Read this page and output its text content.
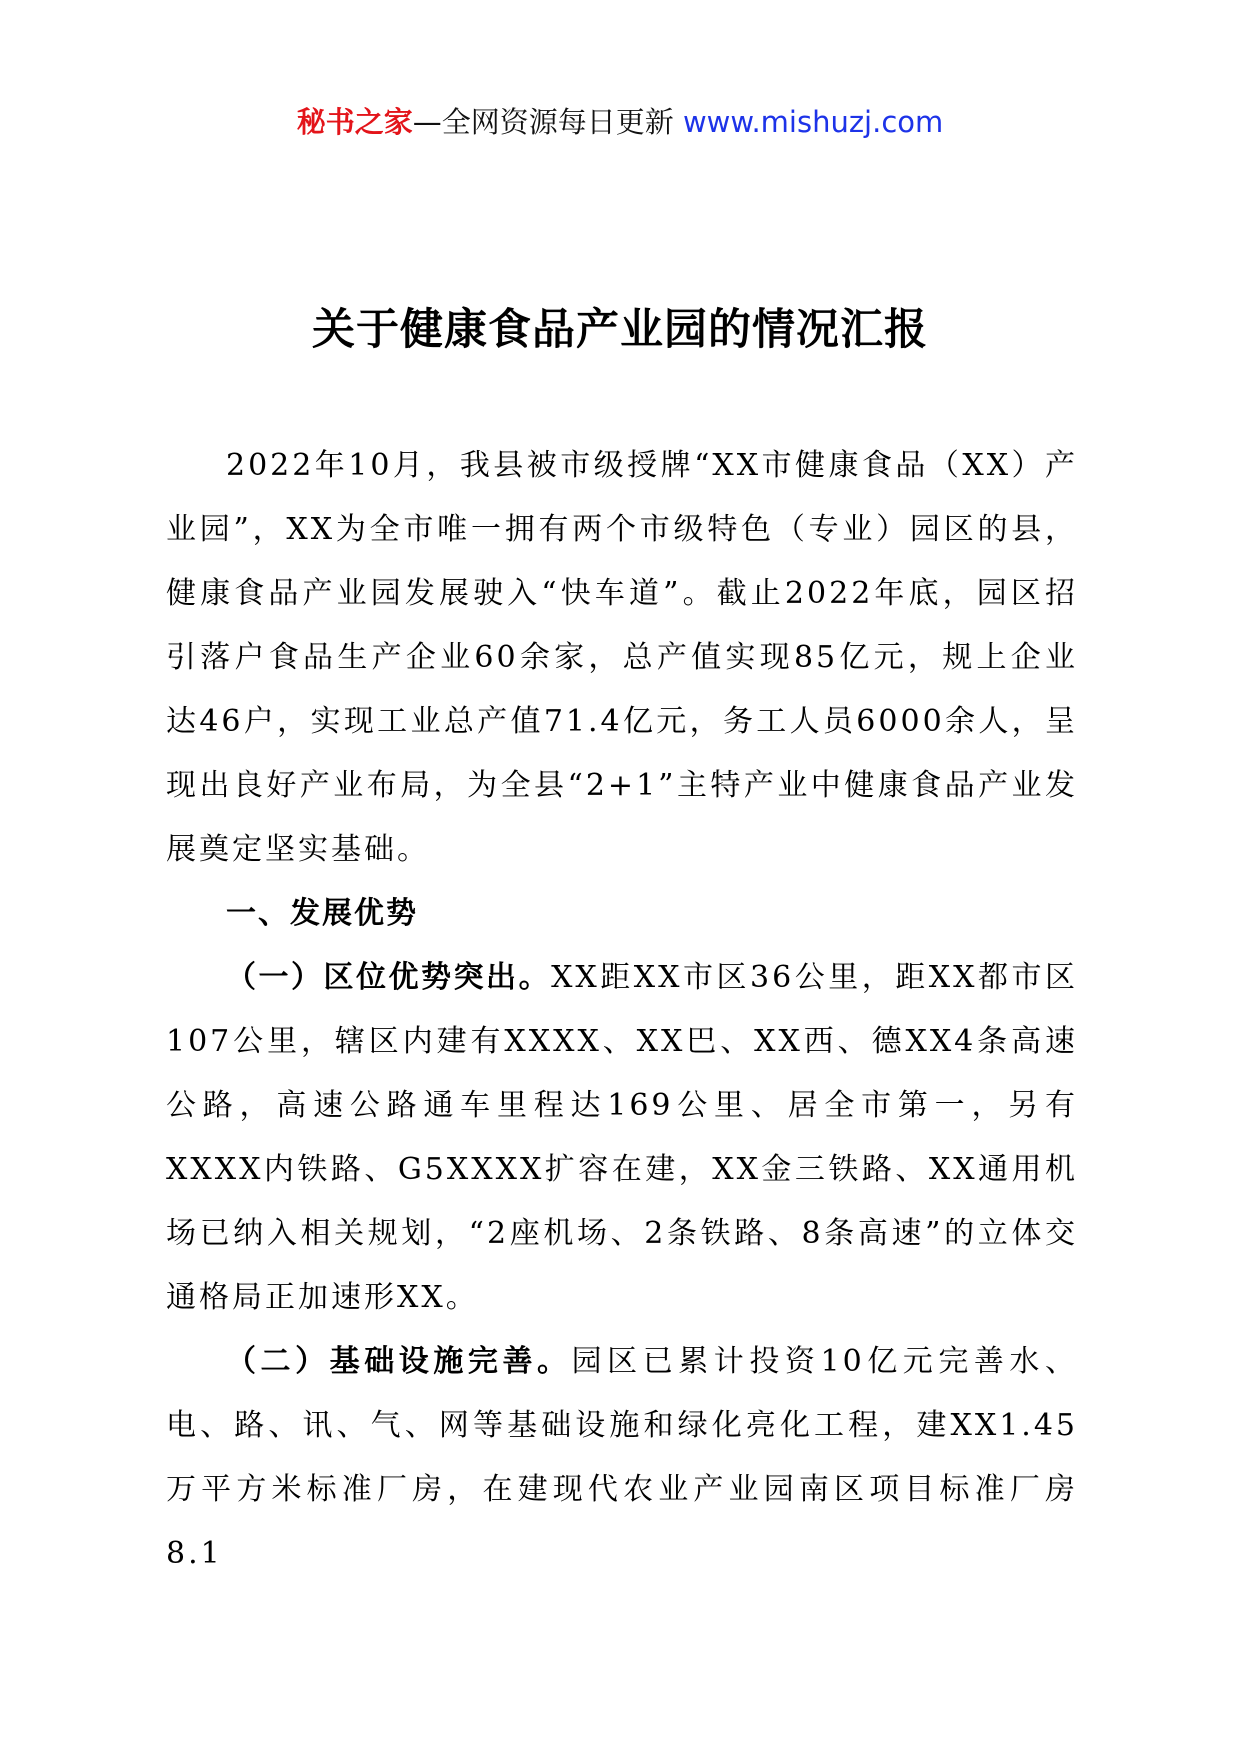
秘书之家—全网资源每日更新 www.mishuzj.com
关于健康食品产业园的情况汇报

2022年10月，我县被市级授牌“XX市健康食品（XX）产业园”，XX为全市唯一拥有两个市级特色（专业）园区的县，健康食品产业园发展驶入“快车道”。截止2022年底，园区招引落户食品生产企业60余家，总产值实现85亿元，规上企业达46户，实现工业总产值71.4亿元，务工人员6000余人，呈现出良好产业布局，为全县“2+1”主特产业中健康食品产业发展奠定坚实基础。

一、发展优势

（一）区位优势突出。XX距XX市区36公里，距XX都市区107公里，辖区内建有XXXX、XX巴、XX西、德XX4条高速公路，高速公路通车里程达169公里、居全市第一，另有XXXX内铁路、G5XXXX扩容在建，XX金三铁路、XX通用机场已纳入相关规划，“2座机场、2条铁路、8条高速”的立体交通格局正加速形XX。

（二）基础设施完善。园区已累计投资10亿元完善水、电、路、讯、气、网等基础设施和绿化亮化工程，建XX1.45万平方米标准厂房，在建现代农业产业园南区项目标准厂房8.1
